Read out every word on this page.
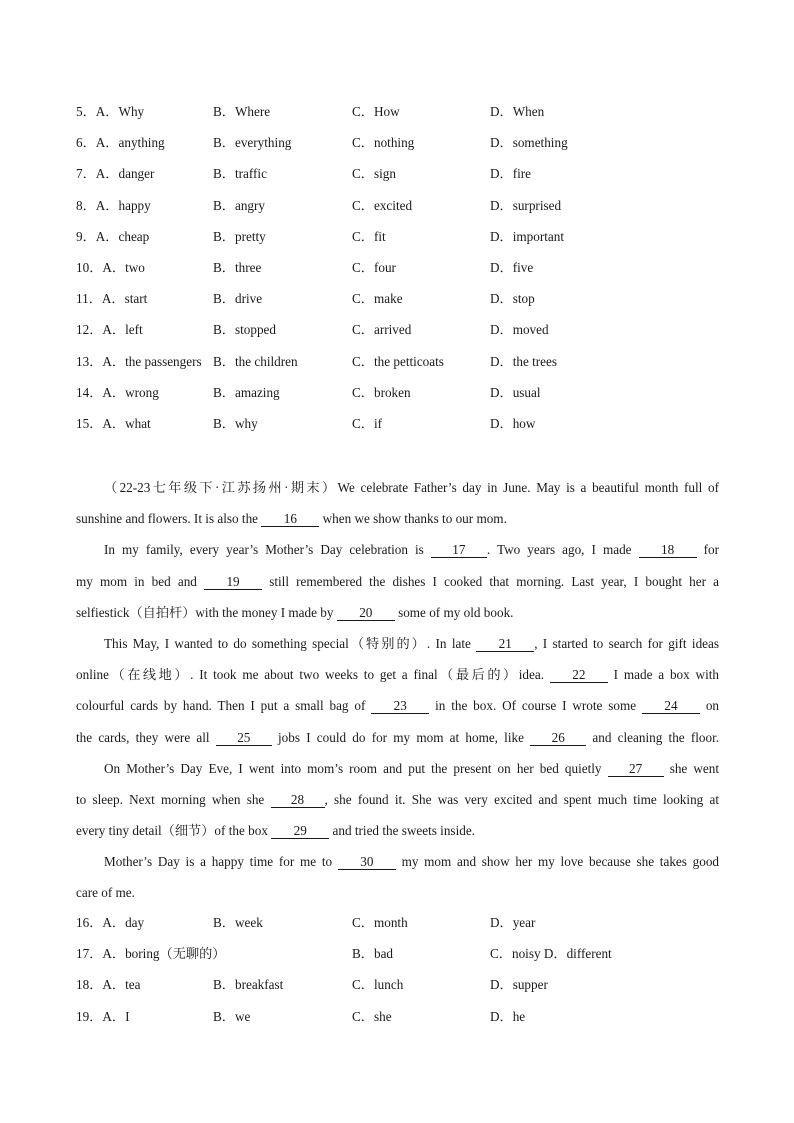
5．A．Why	B．Where	C．How	D．When
6．A．anything	B．everything	C．nothing	D．something
7．A．danger	B．traffic	C．sign	D．fire
8．A．happy	B．angry	C．excited	D．surprised
9．A．cheap	B．pretty	C．fit	D．important
10．A．two	B．three	C．four	D．five
11．A．start	B．drive	C．make	D．stop
12．A．left	B．stopped	C．arrived	D．moved
13．A．the passengers B．the children	C．the petticoats	D．the trees
14．A．wrong	B．amazing	C．broken	D．usual
15．A．what	B．why	C．if	D．how
（22-23七年级下·江苏扬州·期末）We celebrate Father’s day in June. May is a beautiful month full of
sunshine and flowers. It is also the 16 when we show thanks to our mom.
In my family, every year’s Mother’s Day celebration is 17 . Two years ago, I made 18 for
my mom in bed and 19 still remembered the dishes I cooked that morning. Last year, I bought her a
selfiestick（自拍杆）with the money I made by 20 some of my old book.
This May, I wanted to do something special（特别的）. In late 21 , I started to search for gift ideas
online（在线地）. It took me about two weeks to get a final（最后的）idea. 22 I made a box with
colourful cards by hand. Then I put a small bag of 23 in the box. Of course I wrote some 24 on
the cards, they were all 25 jobs I could do for my mom at home, like 26 and cleaning the floor.
On Mother’s Day Eve, I went into mom’s room and put the present on her bed quietly 27 she went
to sleep. Next morning when she 28 , she found it. She was very excited and spent much time looking at
every tiny detail（细节）of the box 29 and tried the sweets inside.
Mother’s Day is a happy time for me to 30 my mom and show her my love because she takes good
care of me.
16．A．day	B．week	C．month	D．year
17．A．boring（无聊的）	B．bad	C．noisy D．different
18．A．tea	B．breakfast	C．lunch	D．supper
19．A．I	B．we	C．she	D．he
